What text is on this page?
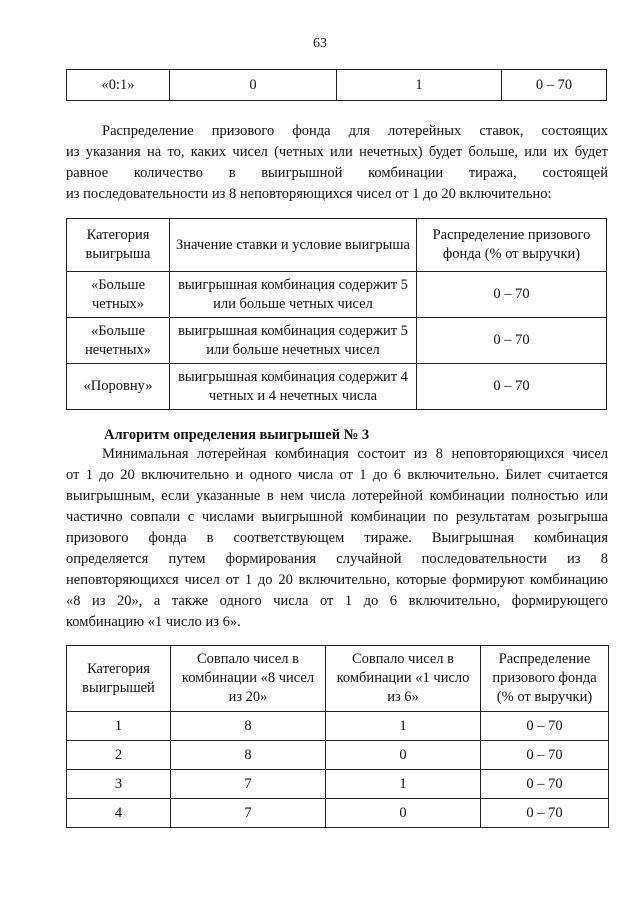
63
«0:1»	0	1	0 – 70

Распределение призового фонда для лотерейных ставок, состоящих

из указания на то, каких чисел (четных или нечетных) будет больше, или их будет

равное количество в выигрышной комбинации тиража, состоящей

из последовательности из 8 неповторяющихся чисел от 1 до 20 включительно:

Категория выигрыша	Значение ставки и условие выигрыша	Распределение призового фонда (% от выручки)
«Больше четных»	выигрышная комбинация содержит 5 или больше четных чисел	0 – 70
«Больше нечетных»	выигрышная комбинация содержит 5 или больше нечетных чисел	0 – 70
«Поровну»	выигрышная комбинация содержит 4 четных и 4 нечетных числа	0 – 70
Алгоритм определения выигрышей № 3

Минимальная лотерейная комбинация состоит из 8 неповторяющихся чисел

от 1 до 20 включительно и одного числа от 1 до 6 включительно. Билет считается

выигрышным, если указанные в нем числа лотерейной комбинации полностью или

частично совпали с числами выигрышной комбинации по результатам розыгрыша

призового фонда в соответствующем тираже. Выигрышная комбинация

определяется путем формирования случайной последовательности из 8

неповторяющихся чисел от 1 до 20 включительно, которые формируют комбинацию

«8 из 20», а также одного числа от 1 до 6 включительно, формирующего

комбинацию «1 число из 6».

Категория выигрышей	Совпало чисел в комбинации «8 чисел из 20»	Совпало чисел в комбинации «1 число из 6»	Распределение призового фонда (% от выручки)
1	8	1	0 – 70
2	8	0	0 – 70
3	7	1	0 – 70
4	7	0	0 – 70
